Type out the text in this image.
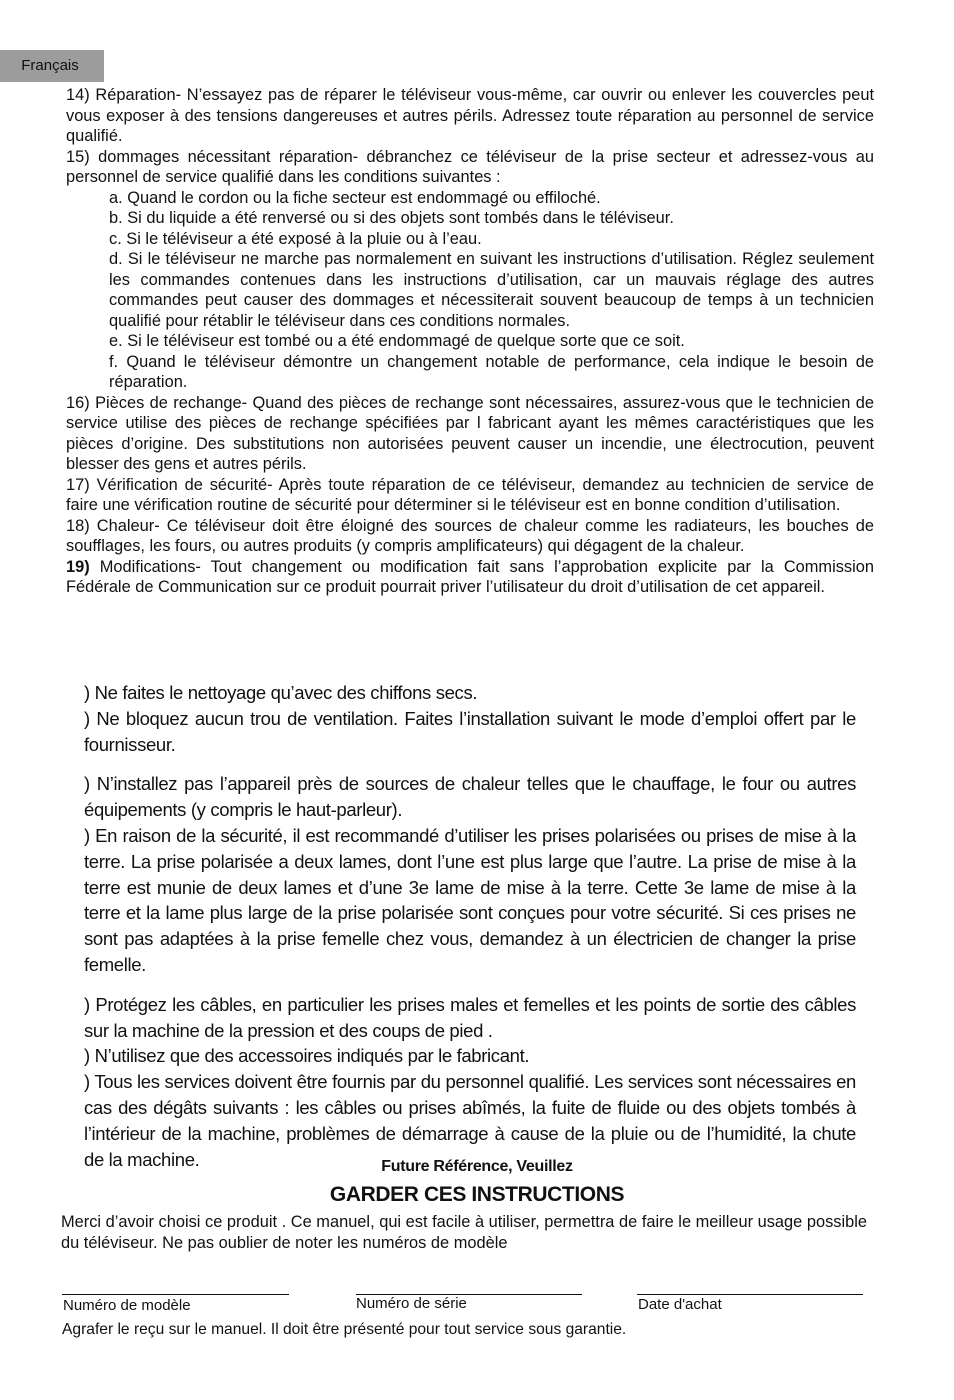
Français

14) Réparation- N’essayez pas de réparer le téléviseur vous-même, car ouvrir ou enlever les couvercles peut vous exposer à des tensions dangereuses et autres périls. Adressez toute réparation au personnel de service qualifié.

15) dommages nécessitant réparation- débranchez ce téléviseur de la prise secteur et adressez-vous au personnel de service qualifié dans les conditions suivantes :

a. Quand le cordon ou la fiche secteur est endommagé ou effiloché.

b. Si du liquide a été renversé ou si des objets sont tombés dans le téléviseur.

c. Si le téléviseur a été exposé à la pluie ou à l’eau.

d. Si le téléviseur ne marche pas normalement en suivant les instructions d’utilisation. Réglez seulement les commandes contenues dans les instructions d’utilisation, car un mauvais réglage des autres commandes peut causer des dommages et nécessiterait souvent beaucoup de temps à un technicien qualifié pour rétablir le téléviseur dans ces conditions normales.

e. Si le téléviseur est tombé ou a été endommagé de quelque sorte que ce soit.

f. Quand le téléviseur démontre un changement notable de performance, cela indique le besoin de réparation.

16) Pièces de rechange- Quand des pièces de rechange sont nécessaires, assurez-vous que le technicien de service utilise des pièces de rechange spécifiées par l fabricant ayant les mêmes caractéristiques que les pièces d’origine. Des substitutions non autorisées peuvent causer un incendie, une électrocution, peuvent blesser des gens et autres périls.

17) Vérification de sécurité- Après toute réparation de ce téléviseur, demandez au technicien de service de faire une vérification routine de sécurité pour déterminer si le téléviseur est en bonne condition d’utilisation.

18) Chaleur- Ce téléviseur doit être éloigné des sources de chaleur comme les radiateurs, les bouches de soufflages, les fours, ou autres produits (y compris amplificateurs) qui dégagent de la chaleur.

19) Modifications- Tout changement ou modification fait sans l’approbation explicite par la Commission Fédérale de Communication sur ce produit pourrait priver l’utilisateur du droit d’utilisation de cet appareil.

) Ne faites le nettoyage qu’avec des chiffons secs.

) Ne bloquez aucun trou de ventilation. Faites l’installation suivant le mode d’emploi offert par le fournisseur.

) N’installez pas l’appareil près de sources de chaleur telles que le chauffage, le four ou autres équipements (y compris le haut-parleur).

) En raison de la sécurité, il est recommandé d’utiliser les prises polarisées ou prises de mise à la terre. La prise polarisée a deux lames, dont l’une est plus large que l’autre. La prise de mise à la terre est munie de deux lames et d’une 3e lame de mise à la terre. Cette 3e lame de mise à la terre et la lame plus large de la prise polarisée sont conçues pour votre sécurité. Si ces prises ne sont pas adaptées à la prise femelle chez vous, demandez à un électricien de changer la prise femelle.

) Protégez les câbles, en particulier les prises males et femelles et les points de sortie des câbles sur la machine de la pression et des coups de pied .

) N’utilisez que des accessoires indiqués par le fabricant.

) Tous les services doivent être fournis par du personnel qualifié. Les services sont nécessaires en cas des dégâts suivants : les câbles ou prises abîmés, la fuite de fluide ou des objets tombés à l’intérieur de la machine, problèmes de démarrage à cause de la pluie ou de l’humidité, la chute de la machine.	Future Référence, Veuillez
GARDER CES INSTRUCTIONS

Merci d’avoir choisi ce produit . Ce manuel, qui est facile à utiliser, permettra de faire le meilleur usage possible du téléviseur. Ne pas oublier de noter les numéros de modèle

Numéro de modèle	Numéro de série	Date d'achat
Agrafer le reçu sur le manuel. Il doit être présenté pour tout service sous garantie.
